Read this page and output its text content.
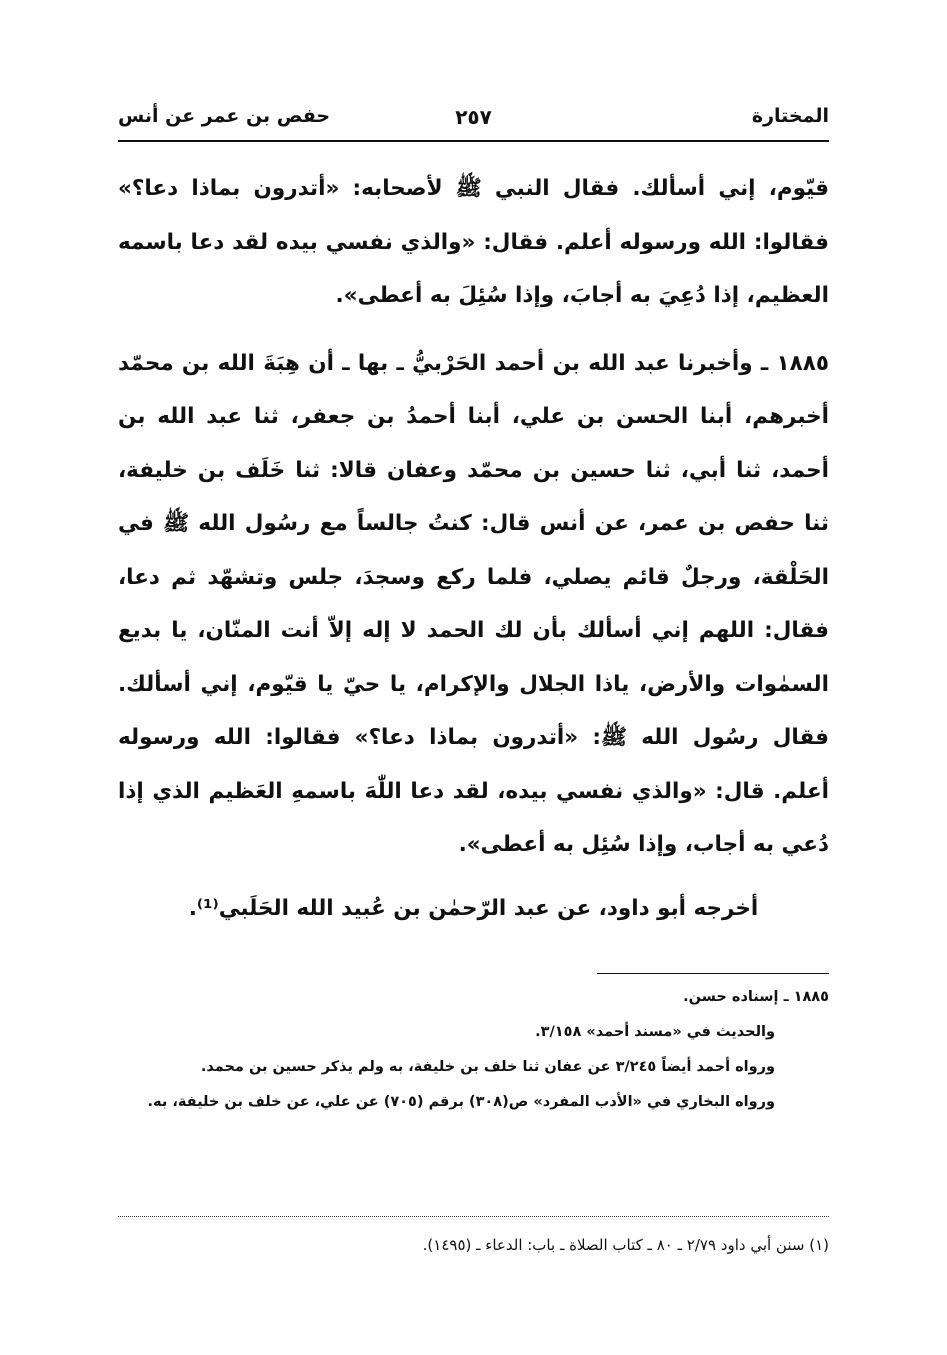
المختارة
٢٥٧
حفص بن عمر عن أنس

قيّوم، إني أسألك. فقال النبي ﷺ لأصحابه: «أتدرون بماذا دعا؟» فقالوا: الله ورسوله أعلم. فقال: «والذي نفسي بيده لقد دعا باسمه العظيم، إذا دُعِيَ به أجابَ، وإذا سُئِلَ به أعطى».

١٨٨٥ ـ وأخبرنا عبد الله بن أحمد الحَرْبيُّ ـ بها ـ أن هِبَةَ الله بن محمّد أخبرهم، أبنا الحسن بن علي، أبنا أحمدُ بن جعفر، ثنا عبد الله بن أحمد، ثنا أبي، ثنا حسين بن محمّد وعفان قالا: ثنا خَلَف بن خليفة، ثنا حفص بن عمر، عن أنس قال: كنتُ جالساً مع رسُول الله ﷺ في الحَلْقة، ورجلٌ قائم يصلي، فلما ركع وسجدَ، جلس وتشهّد ثم دعا، فقال: اللهم إني أسألك بأن لك الحمد لا إله إلاّ أنت المنّان، يا بديع السمٰوات والأرض، ياذا الجلال والإكرام، يا حيّ يا قيّوم، إني أسألك. فقال رسُول الله ﷺ: «أتدرون بماذا دعا؟» فقالوا: الله ورسوله أعلم. قال: «والذي نفسي بيده، لقد دعا اللّٰهَ باسمهِ العَظيم الذي إذا دُعي به أجاب، وإذا سُئِل به أعطى».

أخرجه أبو داود، عن عبد الرّحمٰن بن عُبيد الله الحَلَبي⁽¹⁾.

١٨٨٥ ـ إسناده حسن.

والحديث في «مسند أحمد» ٣/١٥٨.

ورواه أحمد أيضاً ٣/٢٤٥ عن عفان ثنا خلف بن خليفة، به ولم يذكر حسين بن محمد.

ورواه البخاري في «الأدب المفرد» ص(٣٠٨) برقم (٧٠٥) عن علي، عن خلف بن خليفة، به.

(١) سنن أبي داود ٢/٧٩ ـ ٨٠ ـ كتاب الصلاة ـ باب: الدعاء ـ (١٤٩٥).
